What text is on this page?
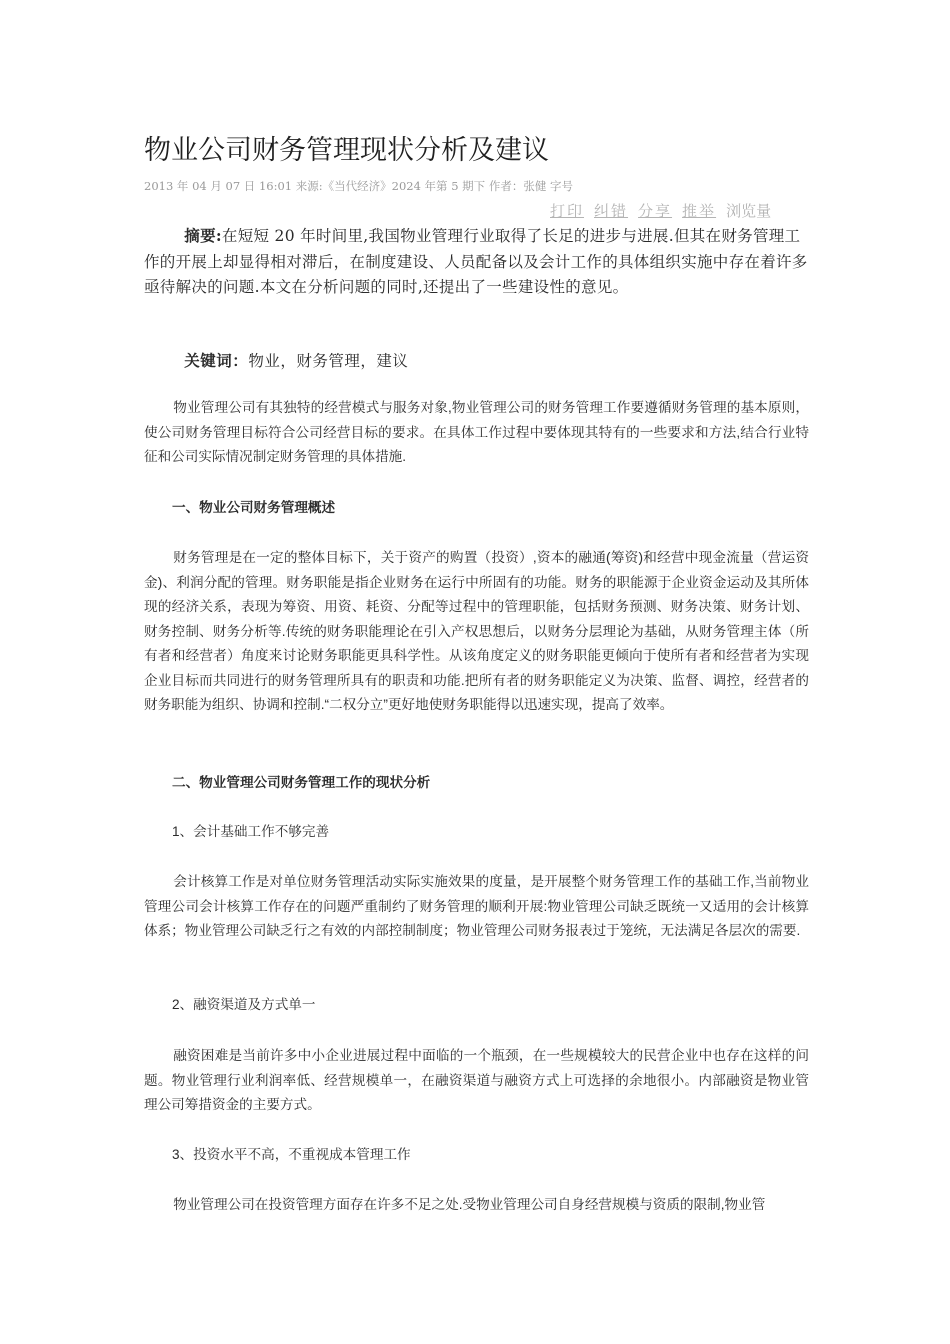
物业公司财务管理现状分析及建议
2013 年 04 月 07 日 16:01 来源:《当代经济》2024 年第 5 期下 作者：张健 字号
打印 纠错 分享 推举 浏览量

摘要:在短短 20 年时间里,我国物业管理行业取得了长足的进步与进展.但其在财务管理工作的开展上却显得相对滞后，在制度建设、人员配备以及会计工作的具体组织实施中存在着许多亟待解决的问题.本文在分析问题的同时,还提出了一些建设性的意见。

关键词：物业，财务管理，建议

物业管理公司有其独特的经营模式与服务对象,物业管理公司的财务管理工作要遵循财务管理的基本原则，使公司财务管理目标符合公司经营目标的要求。在具体工作过程中要体现其特有的一些要求和方法,结合行业特征和公司实际情况制定财务管理的具体措施.

一、物业公司财务管理概述

财务管理是在一定的整体目标下，关于资产的购置（投资）,资本的融通(筹资)和经营中现金流量（营运资金)、利润分配的管理。财务职能是指企业财务在运行中所固有的功能。财务的职能源于企业资金运动及其所体现的经济关系，表现为筹资、用资、耗资、分配等过程中的管理职能，包括财务预测、财务决策、财务计划、财务控制、财务分析等.传统的财务职能理论在引入产权思想后，以财务分层理论为基础，从财务管理主体（所有者和经营者）角度来讨论财务职能更具科学性。从该角度定义的财务职能更倾向于使所有者和经营者为实现企业目标而共同进行的财务管理所具有的职责和功能.把所有者的财务职能定义为决策、监督、调控，经营者的财务职能为组织、协调和控制.“二权分立”更好地使财务职能得以迅速实现，提高了效率。

二、物业管理公司财务管理工作的现状分析

1、会计基础工作不够完善

会计核算工作是对单位财务管理活动实际实施效果的度量，是开展整个财务管理工作的基础工作,当前物业管理公司会计核算工作存在的问题严重制约了财务管理的顺利开展:物业管理公司缺乏既统一又适用的会计核算体系；物业管理公司缺乏行之有效的内部控制制度；物业管理公司财务报表过于笼统，无法满足各层次的需要.

2、融资渠道及方式单一

融资困难是当前许多中小企业进展过程中面临的一个瓶颈，在一些规模较大的民营企业中也存在这样的问题。物业管理行业利润率低、经营规模单一，在融资渠道与融资方式上可选择的余地很小。内部融资是物业管理公司筹措资金的主要方式。

3、投资水平不高，不重视成本管理工作

物业管理公司在投资管理方面存在许多不足之处.受物业管理公司自身经营规模与资质的限制,物业管
